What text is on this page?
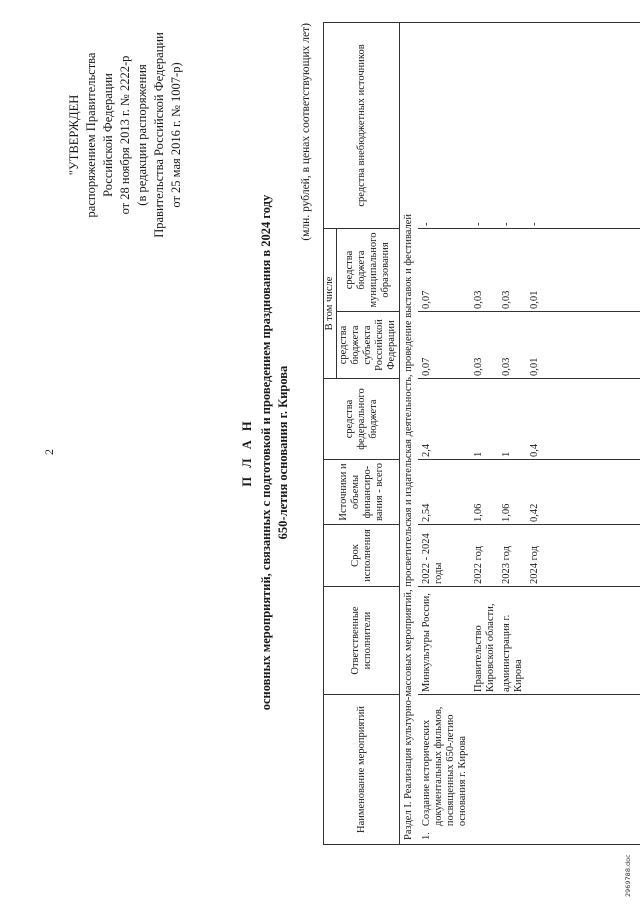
2
"УТВЕРЖДЕН распоряжением Правительства Российской Федерации от 28 ноября 2013 г. № 2222-р (в редакции распоряжения Правительства Российской Федерации от 25 мая 2016 г. № 1007-р)
П Л А Н основных мероприятий, связанных с подготовкой и проведением празднования в 2024 году 650-летия основания г. Кирова
(млн. рублей, в ценах соответствующих лет)
Наименование мероприятий	Ответственные исполнители	Срок исполнения	Источники и объемы финансиро-вания - всего	средства федерального бюджета	В том числе		средства внебюджетных источников
					средства бюджета субъекта Российской Федерации	средства бюджета муниципального образования	
Раздел I. Реализация культурно-массовых мероприятий, просветительская и издательская деятельность, проведение выставок и фестивалей							

1.
Создание исторических документальных фильмов, посвященных 650-летию основания г. Кирова	Минкультуры России,	2022 - 2024 годы	2,54	2,4	0,07	0,07	-
	Правительство Кировской области,	2022 год	1,06	1	0,03	0,03	-
	администрация г. Кирова	2023 год	1,06	1	0,03	0,03	-
		2024 год	0,42	0,4	0,01	0,01	-
2969788.doc
